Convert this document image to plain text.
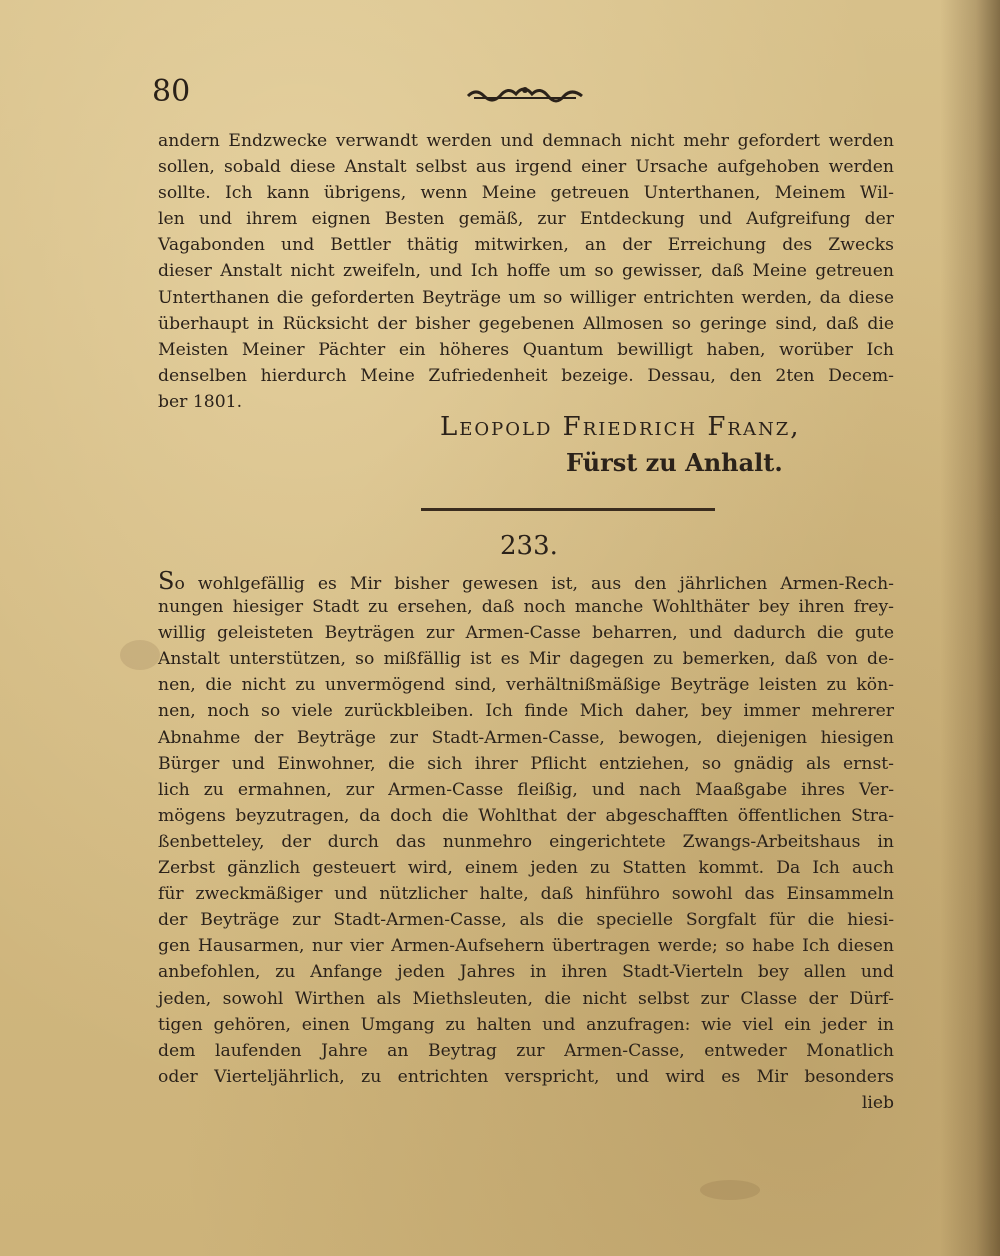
80
andern Endzwecke verwandt werden und demnach nicht mehr gefordert werden
sollen, sobald diese Anstalt selbst aus irgend einer Ursache aufgehoben werden
sollte. Ich kann übrigens, wenn Meine getreuen Unterthanen, Meinem Wil-
len und ihrem eignen Besten gemäß, zur Entdeckung und Aufgreifung der
Vagabonden und Bettler thätig mitwirken, an der Erreichung des Zwecks
dieser Anstalt nicht zweifeln, und Ich hoffe um so gewisser, daß Meine getreuen
Unterthanen die geforderten Beyträge um so williger entrichten werden, da diese
überhaupt in Rücksicht der bisher gegebenen Allmosen so geringe sind, daß die
Meisten Meiner Pächter ein höheres Quantum bewilligt haben, worüber Ich
denselben hierdurch Meine Zufriedenheit bezeige. Dessau, den 2ten Decem-
ber 1801.
Leopold Friedrich Franz,
Fürst zu Anhalt.
233.
So wohlgefällig es Mir bisher gewesen ist, aus den jährlichen Armen-Rech-
nungen hiesiger Stadt zu ersehen, daß noch manche Wohlthäter bey ihren frey-
willig geleisteten Beyträgen zur Armen-Casse beharren, und dadurch die gute
Anstalt unterstützen, so mißfällig ist es Mir dagegen zu bemerken, daß von de-
nen, die nicht zu unvermögend sind, verhältnißmäßige Beyträge leisten zu kön-
nen, noch so viele zurückbleiben. Ich finde Mich daher, bey immer mehrerer
Abnahme der Beyträge zur Stadt-Armen-Casse, bewogen, diejenigen hiesigen
Bürger und Einwohner, die sich ihrer Pflicht entziehen, so gnädig als ernst-
lich zu ermahnen, zur Armen-Casse fleißig, und nach Maaßgabe ihres Ver-
mögens beyzutragen, da doch die Wohlthat der abgeschafften öffentlichen Stra-
ßenbetteley, der durch das nunmehro eingerichtete Zwangs-Arbeitshaus in
Zerbst gänzlich gesteuert wird, einem jeden zu Statten kommt. Da Ich auch
für zweckmäßiger und nützlicher halte, daß hinführo sowohl das Einsammeln
der Beyträge zur Stadt-Armen-Casse, als die specielle Sorgfalt für die hiesi-
gen Hausarmen, nur vier Armen-Aufsehern übertragen werde; so habe Ich diesen
anbefohlen, zu Anfange jeden Jahres in ihren Stadt-Vierteln bey allen und
jeden, sowohl Wirthen als Miethsleuten, die nicht selbst zur Classe der Dürf-
tigen gehören, einen Umgang zu halten und anzufragen: wie viel ein jeder in
dem laufenden Jahre an Beytrag zur Armen-Casse, entweder Monatlich
oder Vierteljährlich, zu entrichten verspricht, und wird es Mir besonders
lieb
